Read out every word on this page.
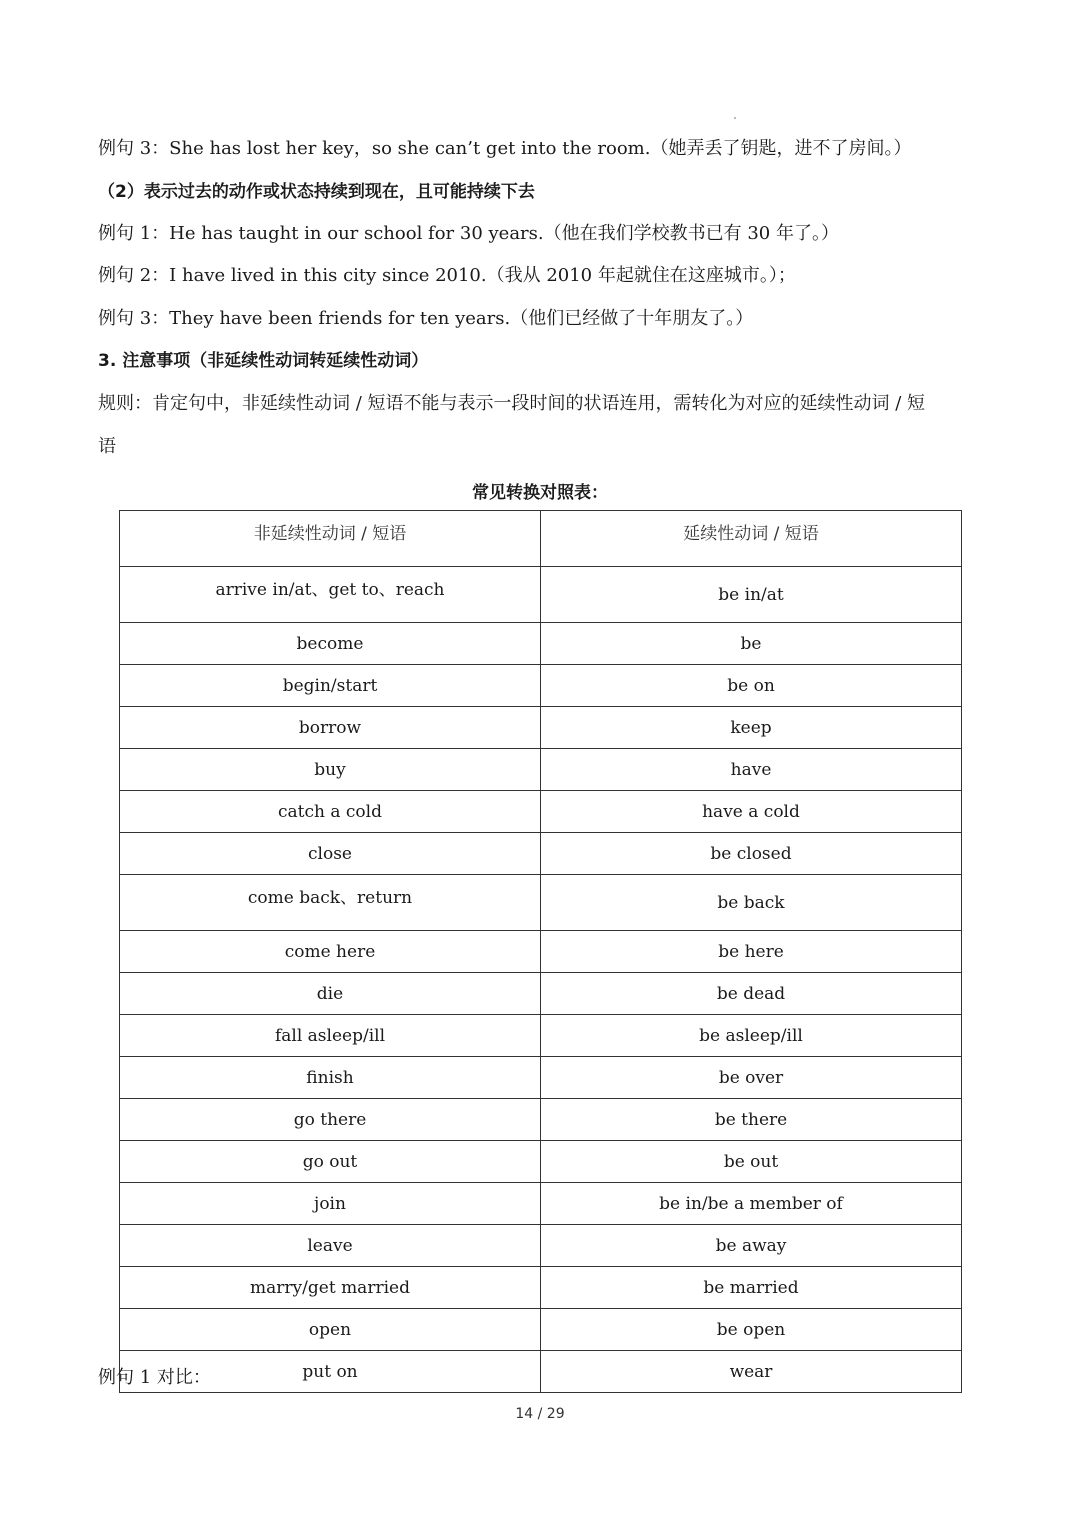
例句 3：She has lost her key，so she can’t get into the room.（她弄丢了钥匙，进不了房间。）
（2）表示过去的动作或状态持续到现在，且可能持续下去
例句 1：He has taught in our school for 30 years.（他在我们学校教书已有 30 年了。）
例句 2：I have lived in this city since 2010.（我从 2010 年起就住在这座城市。）；
例句 3：They have been friends for ten years.（他们已经做了十年朋友了。）
3. 注意事项（非延续性动词转延续性动词）
规则：肯定句中，非延续性动词 / 短语不能与表示一段时间的状语连用，需转化为对应的延续性动词 / 短
语
常见转换对照表：
非延续性动词 / 短语	延续性动词 / 短语
arrive in/at、get to、reach	be in/at
become	be
begin/start	be on
borrow	keep
buy	have
catch a cold	have a cold
close	be closed
come back、return	be back
come here	be here
die	be dead
fall asleep/ill	be asleep/ill
finish	be over
go there	be there
go out	be out
join	be in/be a member of
leave	be away
marry/get married	be married
open	be open
put on	wear
例句 1 对比：
14 / 29
